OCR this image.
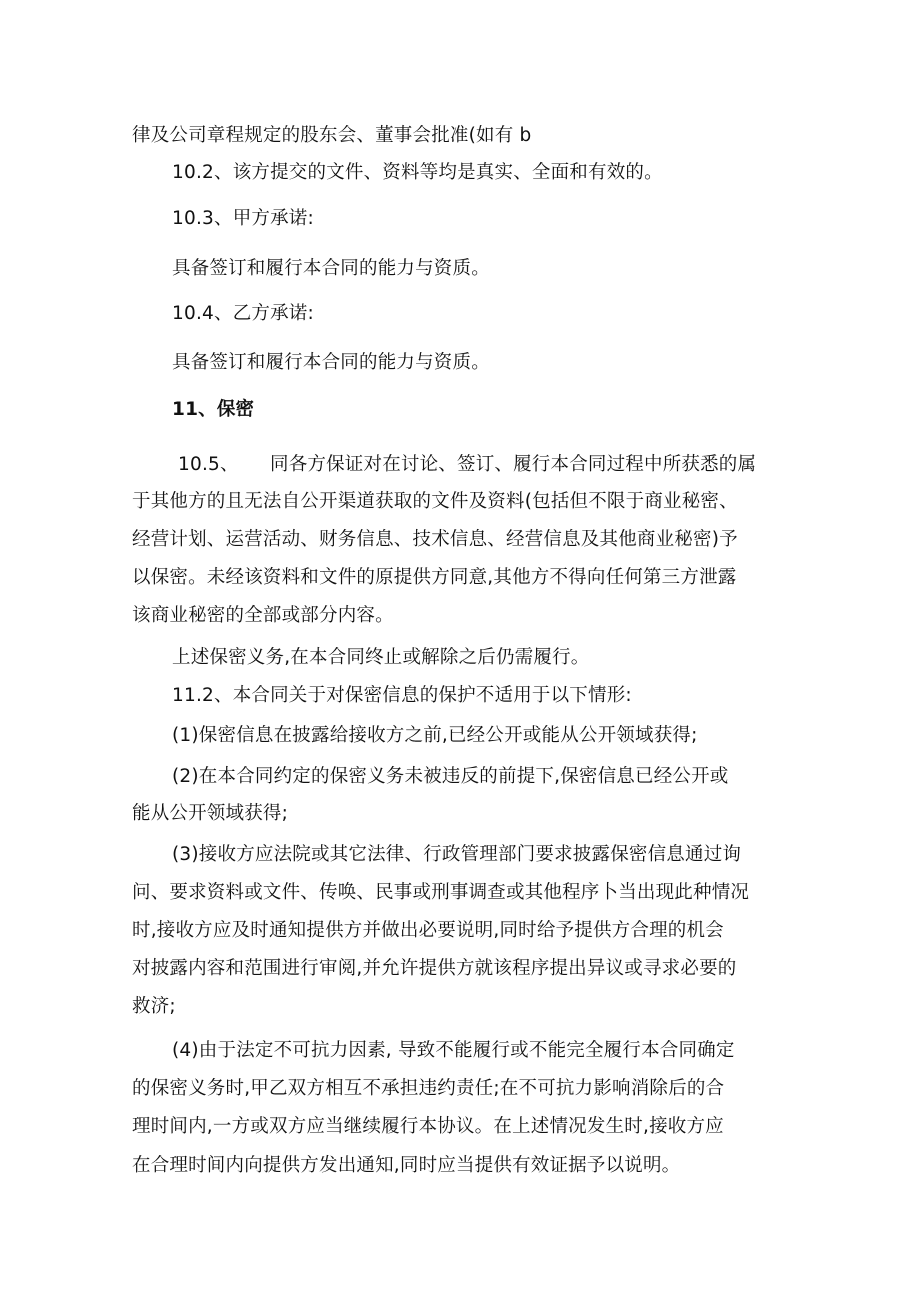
律及公司章程规定的股东会、董事会批准(如有 b
10.2、该方提交的文件、资料等均是真实、全面和有效的。
10.3、甲方承诺:
具备签订和履行本合同的能力与资质。
10.4、乙方承诺:
具备签订和履行本合同的能力与资质。
11、保密
10.5、	同各方保证对在讨论、签订、履行本合同过程中所获悉的属
于其他方的且无法自公开渠道获取的文件及资料(包括但不限于商业秘密、
经营计划、运营活动、财务信息、技术信息、经营信息及其他商业秘密)予
以保密。未经该资料和文件的原提供方同意,其他方不得向任何第三方泄露
该商业秘密的全部或部分内容。
上述保密义务,在本合同终止或解除之后仍需履行。
11.2、本合同关于对保密信息的保护不适用于以下情形:
(1)保密信息在披露给接收方之前,已经公开或能从公开领域获得;
(2)在本合同约定的保密义务未被违反的前提下,保密信息已经公开或
能从公开领域获得;
(3)接收方应法院或其它法律、行政管理部门要求披露保密信息通过询
问、要求资料或文件、传唤、民事或刑事调查或其他程序卜当出现此种情况
时,接收方应及时通知提供方并做出必要说明,同时给予提供方合理的机会
对披露内容和范围进行审阅,并允许提供方就该程序提出异议或寻求必要的
救济;
(4)由于法定不可抗力因素, 导致不能履行或不能完全履行本合同确定
的保密义务时,甲乙双方相互不承担违约责任;在不可抗力影响消除后的合
理时间内,一方或双方应当继续履行本协议。在上述情况发生时,接收方应
在合理时间内向提供方发出通知,同时应当提供有效证据予以说明。
